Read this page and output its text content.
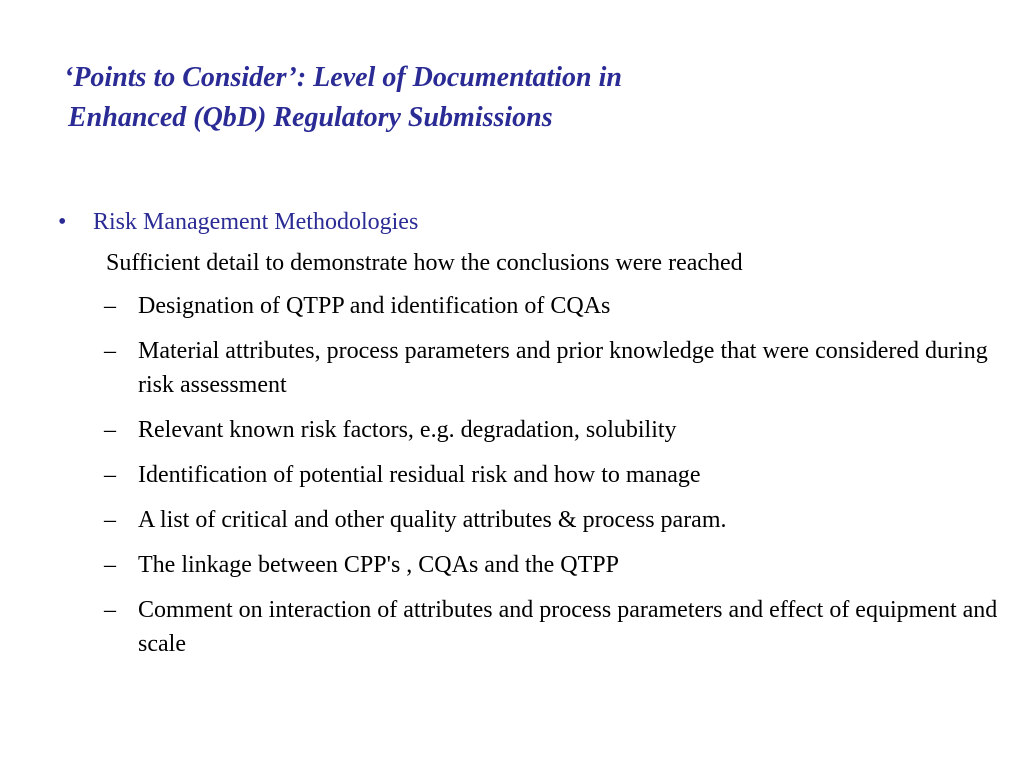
‘Points to Consider’: Level of Documentation in
Enhanced (QbD) Regulatory Submissions
• Risk Management Methodologies
Sufficient detail to demonstrate how the conclusions were reached
– Designation of QTPP and identification of CQAs
– Material attributes, process parameters and prior knowledge that were considered during risk assessment
– Relevant known risk factors, e.g. degradation, solubility
– Identification of potential residual risk and how to manage
– A list of critical and other quality attributes & process param.
– The linkage between CPP's , CQAs and the QTPP
– Comment on interaction of attributes and process parameters and effect of equipment and scale
